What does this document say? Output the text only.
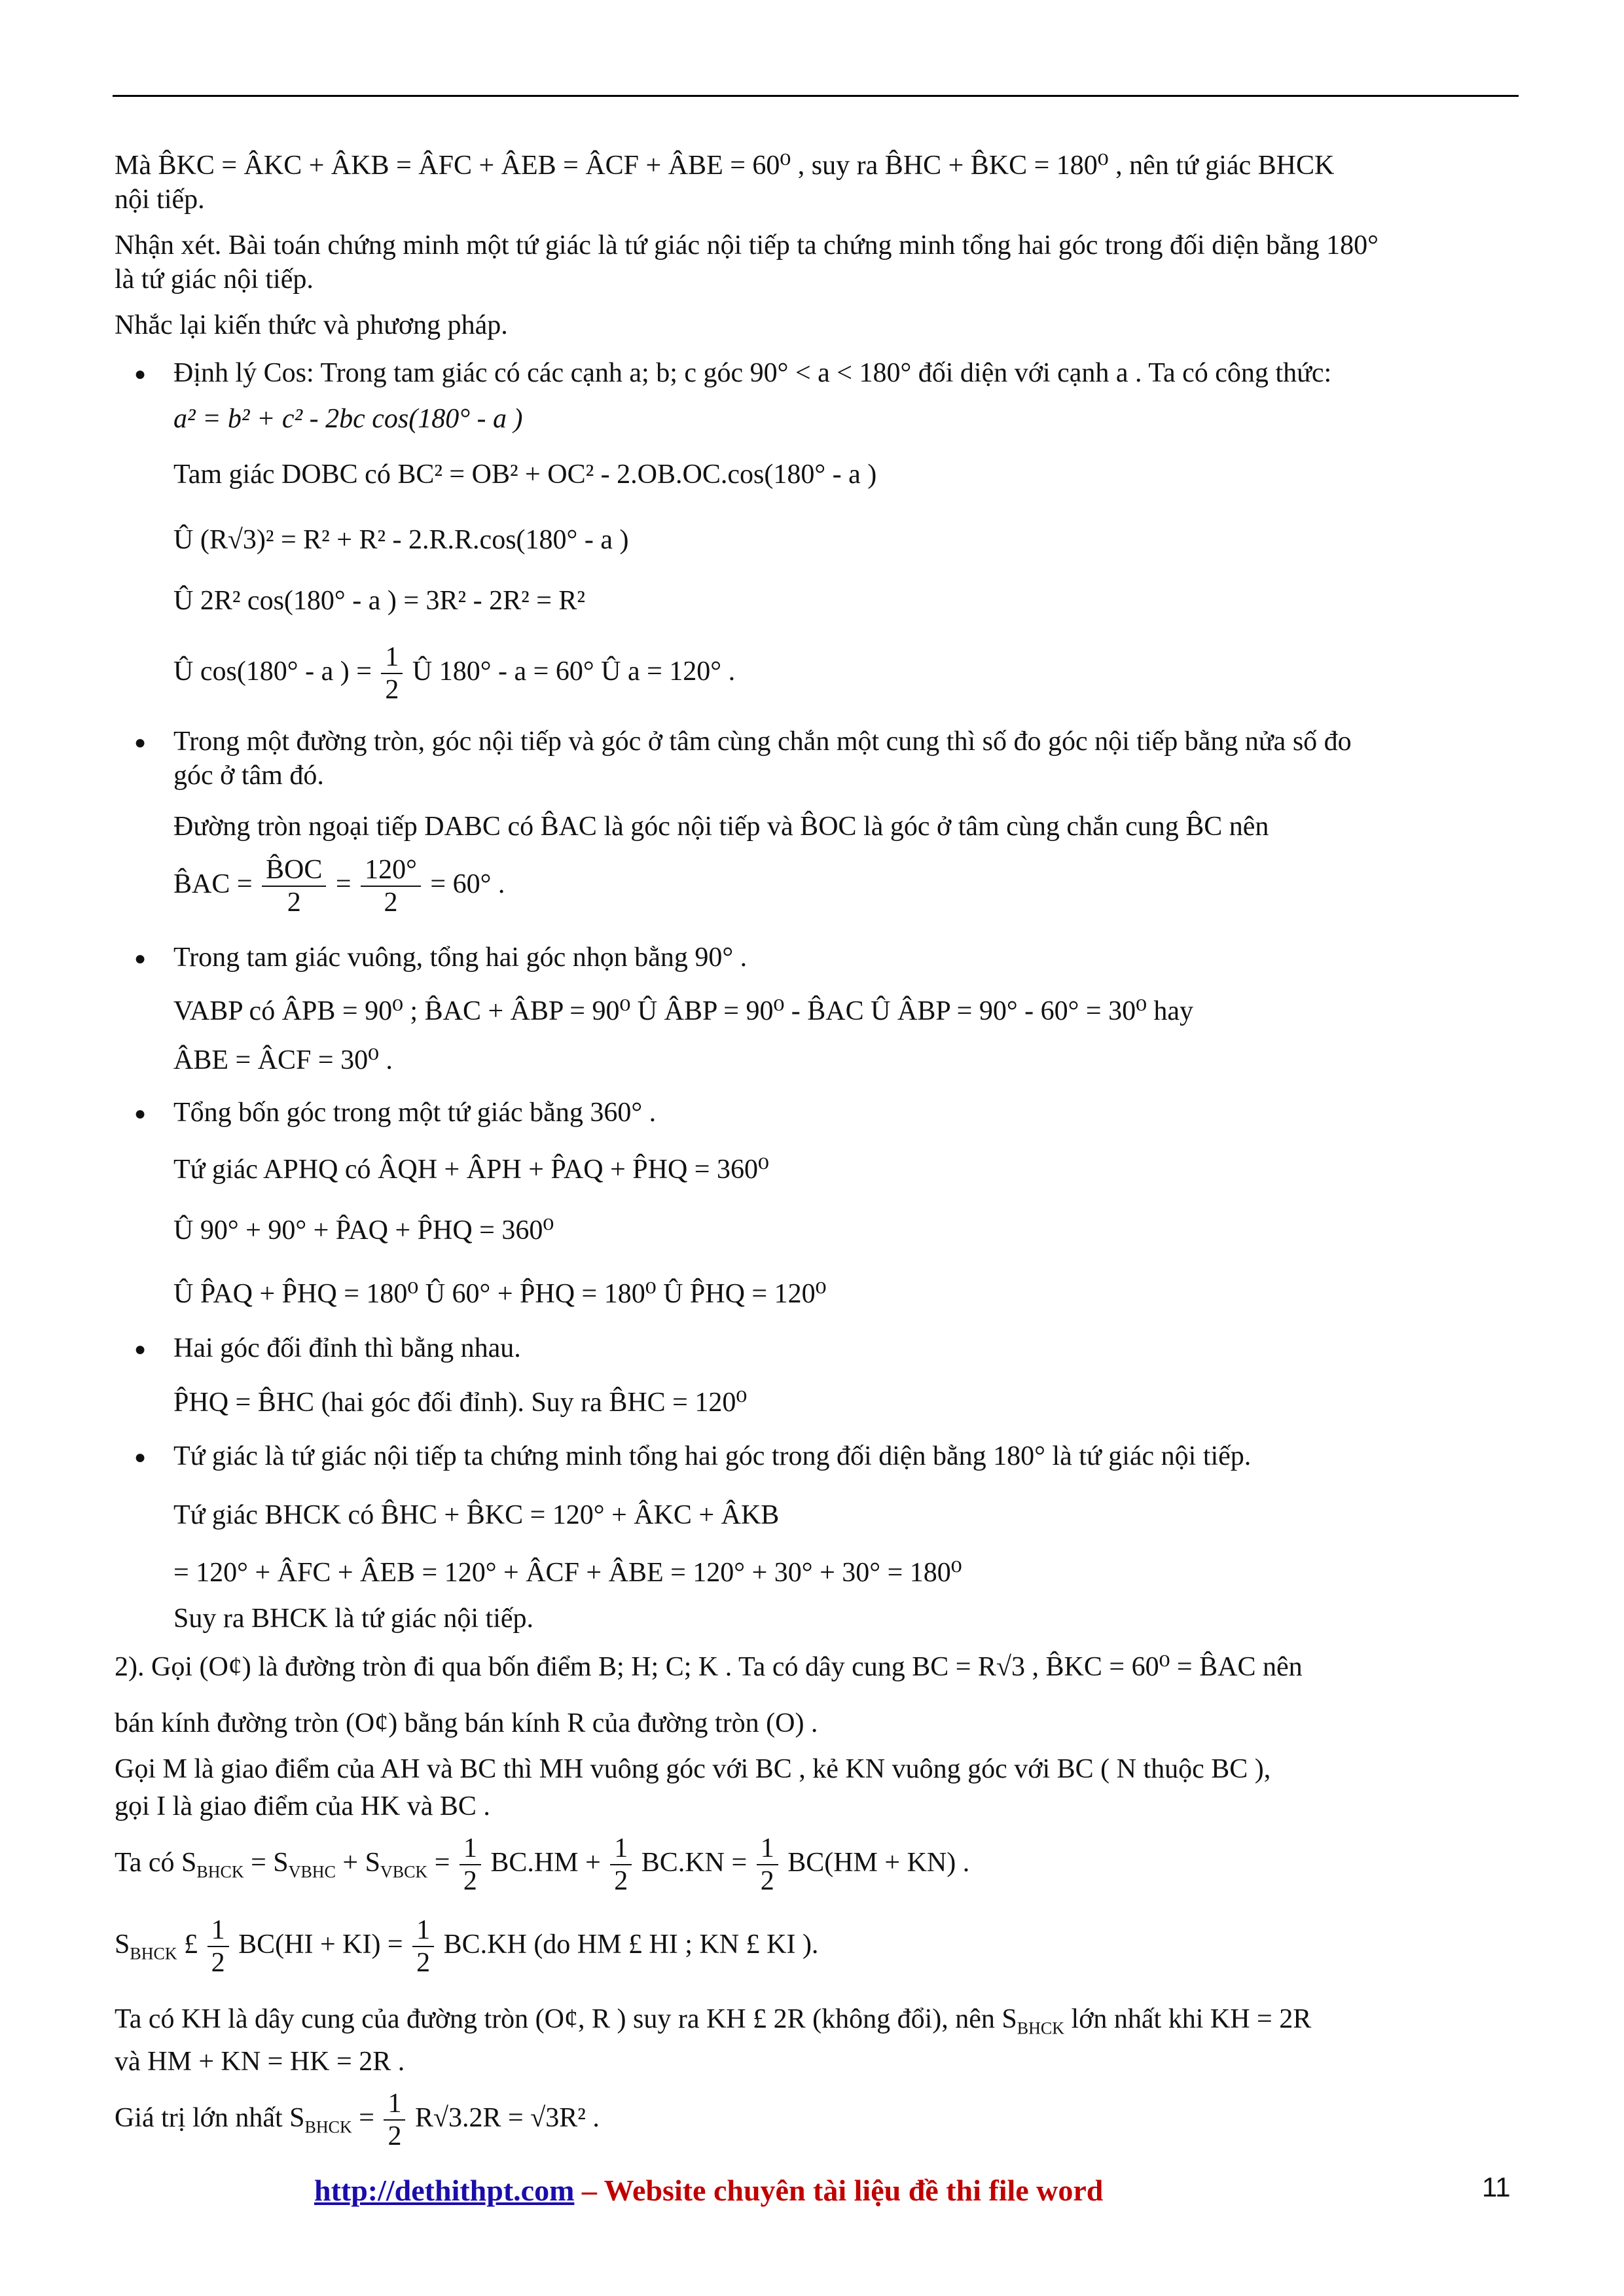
Mà B̂KC = ÂKC + ÂKB = ÂFC + ÂEB = ÂCF + ÂBE = 60⁰ , suy ra B̂HC + B̂KC = 180⁰ , nên tứ giác BHCK
nội tiếp.
Nhận xét. Bài toán chứng minh một tứ giác là tứ giác nội tiếp ta chứng minh tổng hai góc trong đối diện bằng 180°
là tứ giác nội tiếp.
Nhắc lại kiến thức và phương pháp.
● Định lý Cos: Trong tam giác có các cạnh a; b; c góc 90° < a < 180° đối diện với cạnh a . Ta có công thức:
a² = b² + c² - 2bc cos(180° - a )
Tam giác DOBC có BC² = OB² + OC² - 2.OB.OC.cos(180° - a )
Û (R√3)² = R² + R² - 2.R.R.cos(180° - a )
Û 2R² cos(180° - a ) = 3R² - 2R² = R²
Û cos(180° - a ) = $\frac{1}{2}$ Û 180° - a = 60° Û a = 120° .
● Trong một đường tròn, góc nội tiếp và góc ở tâm cùng chắn một cung thì số đo góc nội tiếp bằng nửa số đo
góc ở tâm đó.
Đường tròn ngoại tiếp DABC có B̂AC là góc nội tiếp và B̂OC là góc ở tâm cùng chắn cung B̂C nên
B̂AC = $\frac{B̂OC}{2} = \frac{120^\circ}{2} = 60^\circ$ .
● Trong tam giác vuông, tổng hai góc nhọn bằng 90° .
VABP có ÂPB = 90⁰ ; B̂AC + ÂBP = 90⁰ Û ÂBP = 90⁰ - B̂AC Û ÂBP = 90° - 60° = 30⁰ hay
ÂBE = ÂCF = 30⁰ .
● Tổng bốn góc trong một tứ giác bằng 360° .
Tứ giác APHQ có ÂQH + ÂPH + P̂AQ + P̂HQ = 360⁰
Û 90° + 90° + P̂AQ + P̂HQ = 360⁰
Û P̂AQ + P̂HQ = 180⁰ Û 60° + P̂HQ = 180⁰ Û P̂HQ = 120⁰
● Hai góc đối đỉnh thì bằng nhau.
P̂HQ = B̂HC (hai góc đối đỉnh). Suy ra B̂HC = 120⁰
● Tứ giác là tứ giác nội tiếp ta chứng minh tổng hai góc trong đối diện bằng 180° là tứ giác nội tiếp.
Tứ giác BHCK có B̂HC + B̂KC = 120° + ÂKC + ÂKB
= 120° + ÂFC + ÂEB = 120° + ÂCF + ÂBE = 120° + 30° + 30° = 180⁰
Suy ra BHCK là tứ giác nội tiếp.
2). Gọi (O¢) là đường tròn đi qua bốn điểm B; H; C; K . Ta có dây cung BC = R√3 , B̂KC = 60⁰ = B̂AC nên
bán kính đường tròn (O¢) bằng bán kính R của đường tròn (O) .
Gọi M là giao điểm của AH và BC thì MH vuông góc với BC , kẻ KN vuông góc với BC ( N thuộc BC ),
gọi I là giao điểm của HK và BC .
Ta có $S_{BHCK} = S_{VBHC} + S_{VBCK} = \frac{1}{2} BC.HM + \frac{1}{2} BC.KN = \frac{1}{2} BC(HM + KN)$ .
$S_{BHCK}$ £ $\frac{1}{2} BC(HI + KI) = \frac{1}{2} BC.KH$ (do HM £ HI ; KN £ KI ).
Ta có KH là dây cung của đường tròn (O¢, R ) suy ra KH £ 2R (không đổi), nên $S_{BHCK}$ lớn nhất khi KH = 2R
và HM + KN = HK = 2R .
Giá trị lớn nhất $S_{BHCK} = \frac{1}{2} R√3.2R = √3R^2$ .
http://dethithpt.com – Website chuyên tài liệu đề thi file word	11
